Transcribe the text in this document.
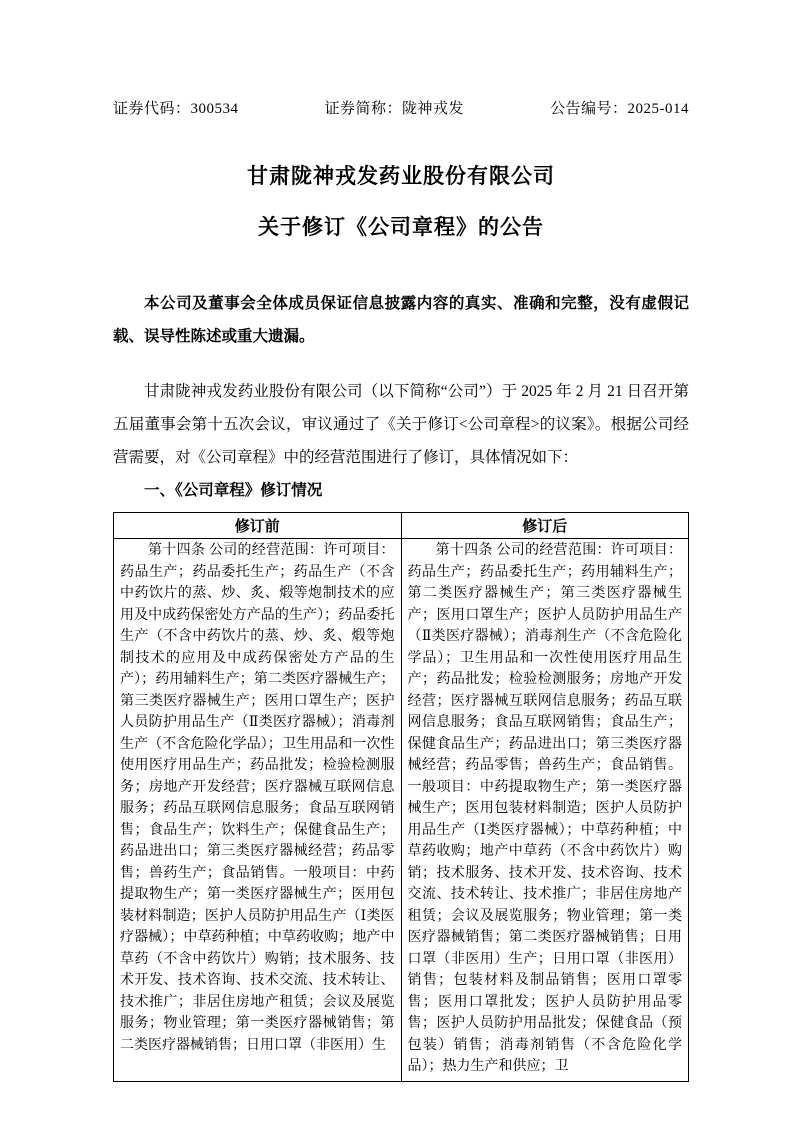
证券代码：300534	证券简称：陇神戎发	公告编号：2025-014
甘肃陇神戎发药业股份有限公司
关于修订《公司章程》的公告

本公司及董事会全体成员保证信息披露内容的真实、准确和完整，没有虚假记载、误导性陈述或重大遗漏。

甘肃陇神戎发药业股份有限公司（以下简称“公司”）于 2025 年 2 月 21 日召开第五届董事会第十五次会议，审议通过了《关于修订<公司章程>的议案》。根据公司经营需要，对《公司章程》中的经营范围进行了修订，具体情况如下：

一、《公司章程》修订情况

修订前	修订后
第十四条 公司的经营范围：许可项目：药品生产；药品委托生产；药品生产（不含中药饮片的蒸、炒、炙、煅等炮制技术的应用及中成药保密处方产品的生产）；药品委托生产（不含中药饮片的蒸、炒、炙、煅等炮制技术的应用及中成药保密处方产品的生产）；药用辅料生产；第二类医疗器械生产；第三类医疗器械生产；医用口罩生产；医护人员防护用品生产（Ⅱ类医疗器械）；消毒剂生产（不含危险化学品）；卫生用品和一次性使用医疗用品生产；药品批发；检验检测服务；房地产开发经营；医疗器械互联网信息服务；药品互联网信息服务；食品互联网销售；食品生产；饮料生产；保健食品生产；药品进出口；第三类医疗器械经营；药品零售；兽药生产；食品销售。一般项目：中药提取物生产；第一类医疗器械生产；医用包装材料制造；医护人员防护用品生产（Ⅰ类医疗器械）；中草药种植；中草药收购；地产中草药（不含中药饮片）购销；技术服务、技术开发、技术咨询、技术交流、技术转让、技术推广；非居住房地产租赁；会议及展览服务；物业管理；第一类医疗器械销售；第二类医疗器械销售；日用口罩（非医用）生	第十四条 公司的经营范围：许可项目：药品生产；药品委托生产；药用辅料生产；第二类医疗器械生产；第三类医疗器械生产；医用口罩生产；医护人员防护用品生产（Ⅱ类医疗器械）；消毒剂生产（不含危险化学品）；卫生用品和一次性使用医疗用品生产；药品批发；检验检测服务；房地产开发经营；医疗器械互联网信息服务；药品互联网信息服务；食品互联网销售；食品生产；保健食品生产；药品进出口；第三类医疗器械经营；药品零售；兽药生产；食品销售。一般项目：中药提取物生产；第一类医疗器械生产；医用包装材料制造；医护人员防护用品生产（Ⅰ类医疗器械）；中草药种植；中草药收购；地产中草药（不含中药饮片）购销；技术服务、技术开发、技术咨询、技术交流、技术转让、技术推广；非居住房地产租赁；会议及展览服务；物业管理；第一类医疗器械销售；第二类医疗器械销售；日用口罩（非医用）生产；日用口罩（非医用）销售；包装材料及制品销售；医用口罩零售；医用口罩批发；医护人员防护用品零售；医护人员防护用品批发；保健食品（预包装）销售；消毒剂销售（不含危险化学品）；热力生产和供应；卫
